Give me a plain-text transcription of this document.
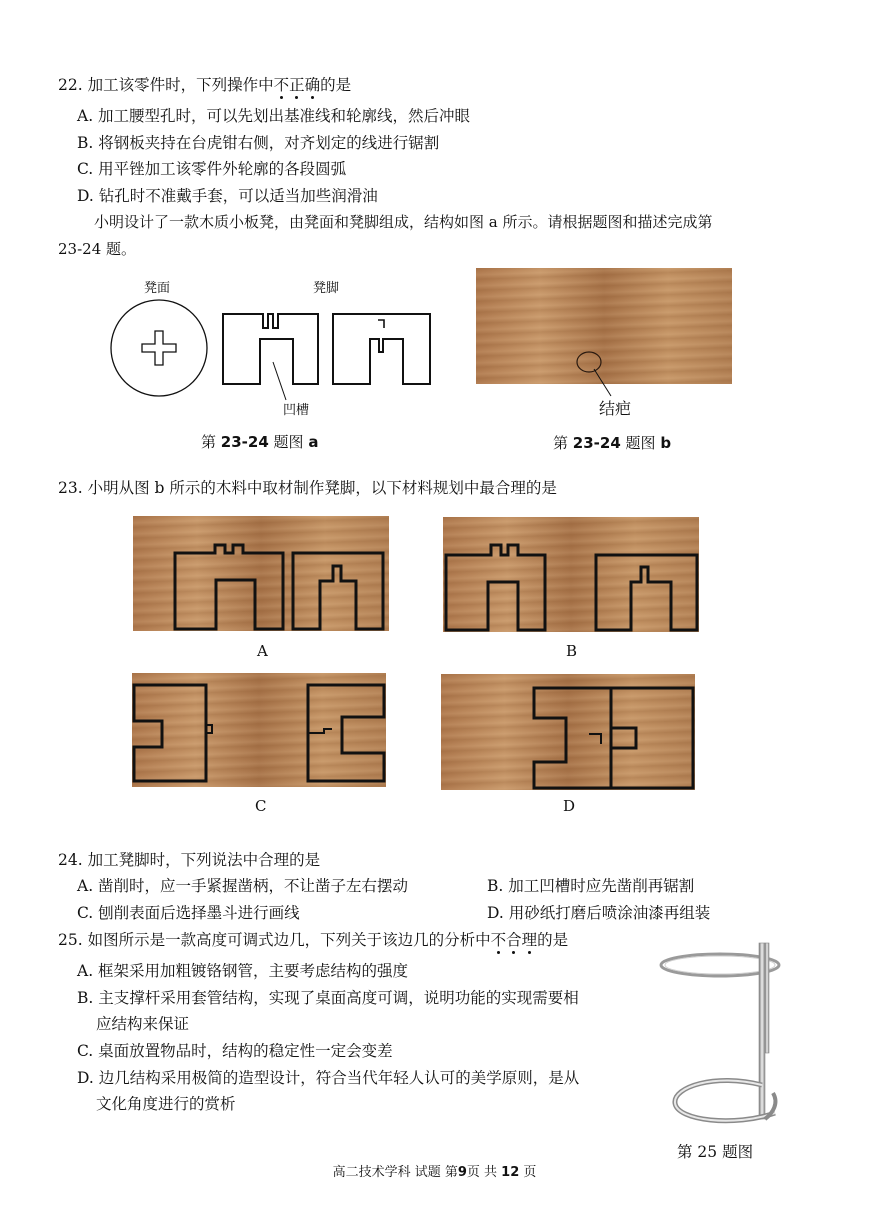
22. 加工该零件时，下列操作中不正确的是
A. 加工腰型孔时，可以先划出基准线和轮廓线，然后冲眼
B. 将钢板夹持在台虎钳右侧，对齐划定的线进行锯割
C. 用平锉加工该零件外轮廓的各段圆弧
D. 钻孔时不准戴手套，可以适当加些润滑油
小明设计了一款木质小板凳，由凳面和凳脚组成，结构如图 a 所示。请根据题图和描述完成第
23-24 题。
凳面	凳脚
凹槽
第 23-24 题图 a
结疤
第 23-24 题图 b
23. 小明从图 b 所示的木料中取材制作凳脚，以下材料规划中最合理的是
A	B
C	D
24. 加工凳脚时，下列说法中合理的是
A. 凿削时，应一手紧握凿柄，不让凿子左右摆动	B. 加工凹槽时应先凿削再锯割
C. 刨削表面后选择墨斗进行画线	D. 用砂纸打磨后喷涂油漆再组装
25. 如图所示是一款高度可调式边几，下列关于该边几的分析中不合理的是
A. 框架采用加粗镀铬钢管，主要考虑结构的强度
B. 主支撑杆采用套管结构，实现了桌面高度可调，说明功能的实现需要相
应结构来保证
C. 桌面放置物品时，结构的稳定性一定会变差
D. 边几结构采用极简的造型设计，符合当代年轻人认可的美学原则，是从
文化角度进行的赏析
第 25 题图
高二技术学科 试题 第9页 共 12 页
